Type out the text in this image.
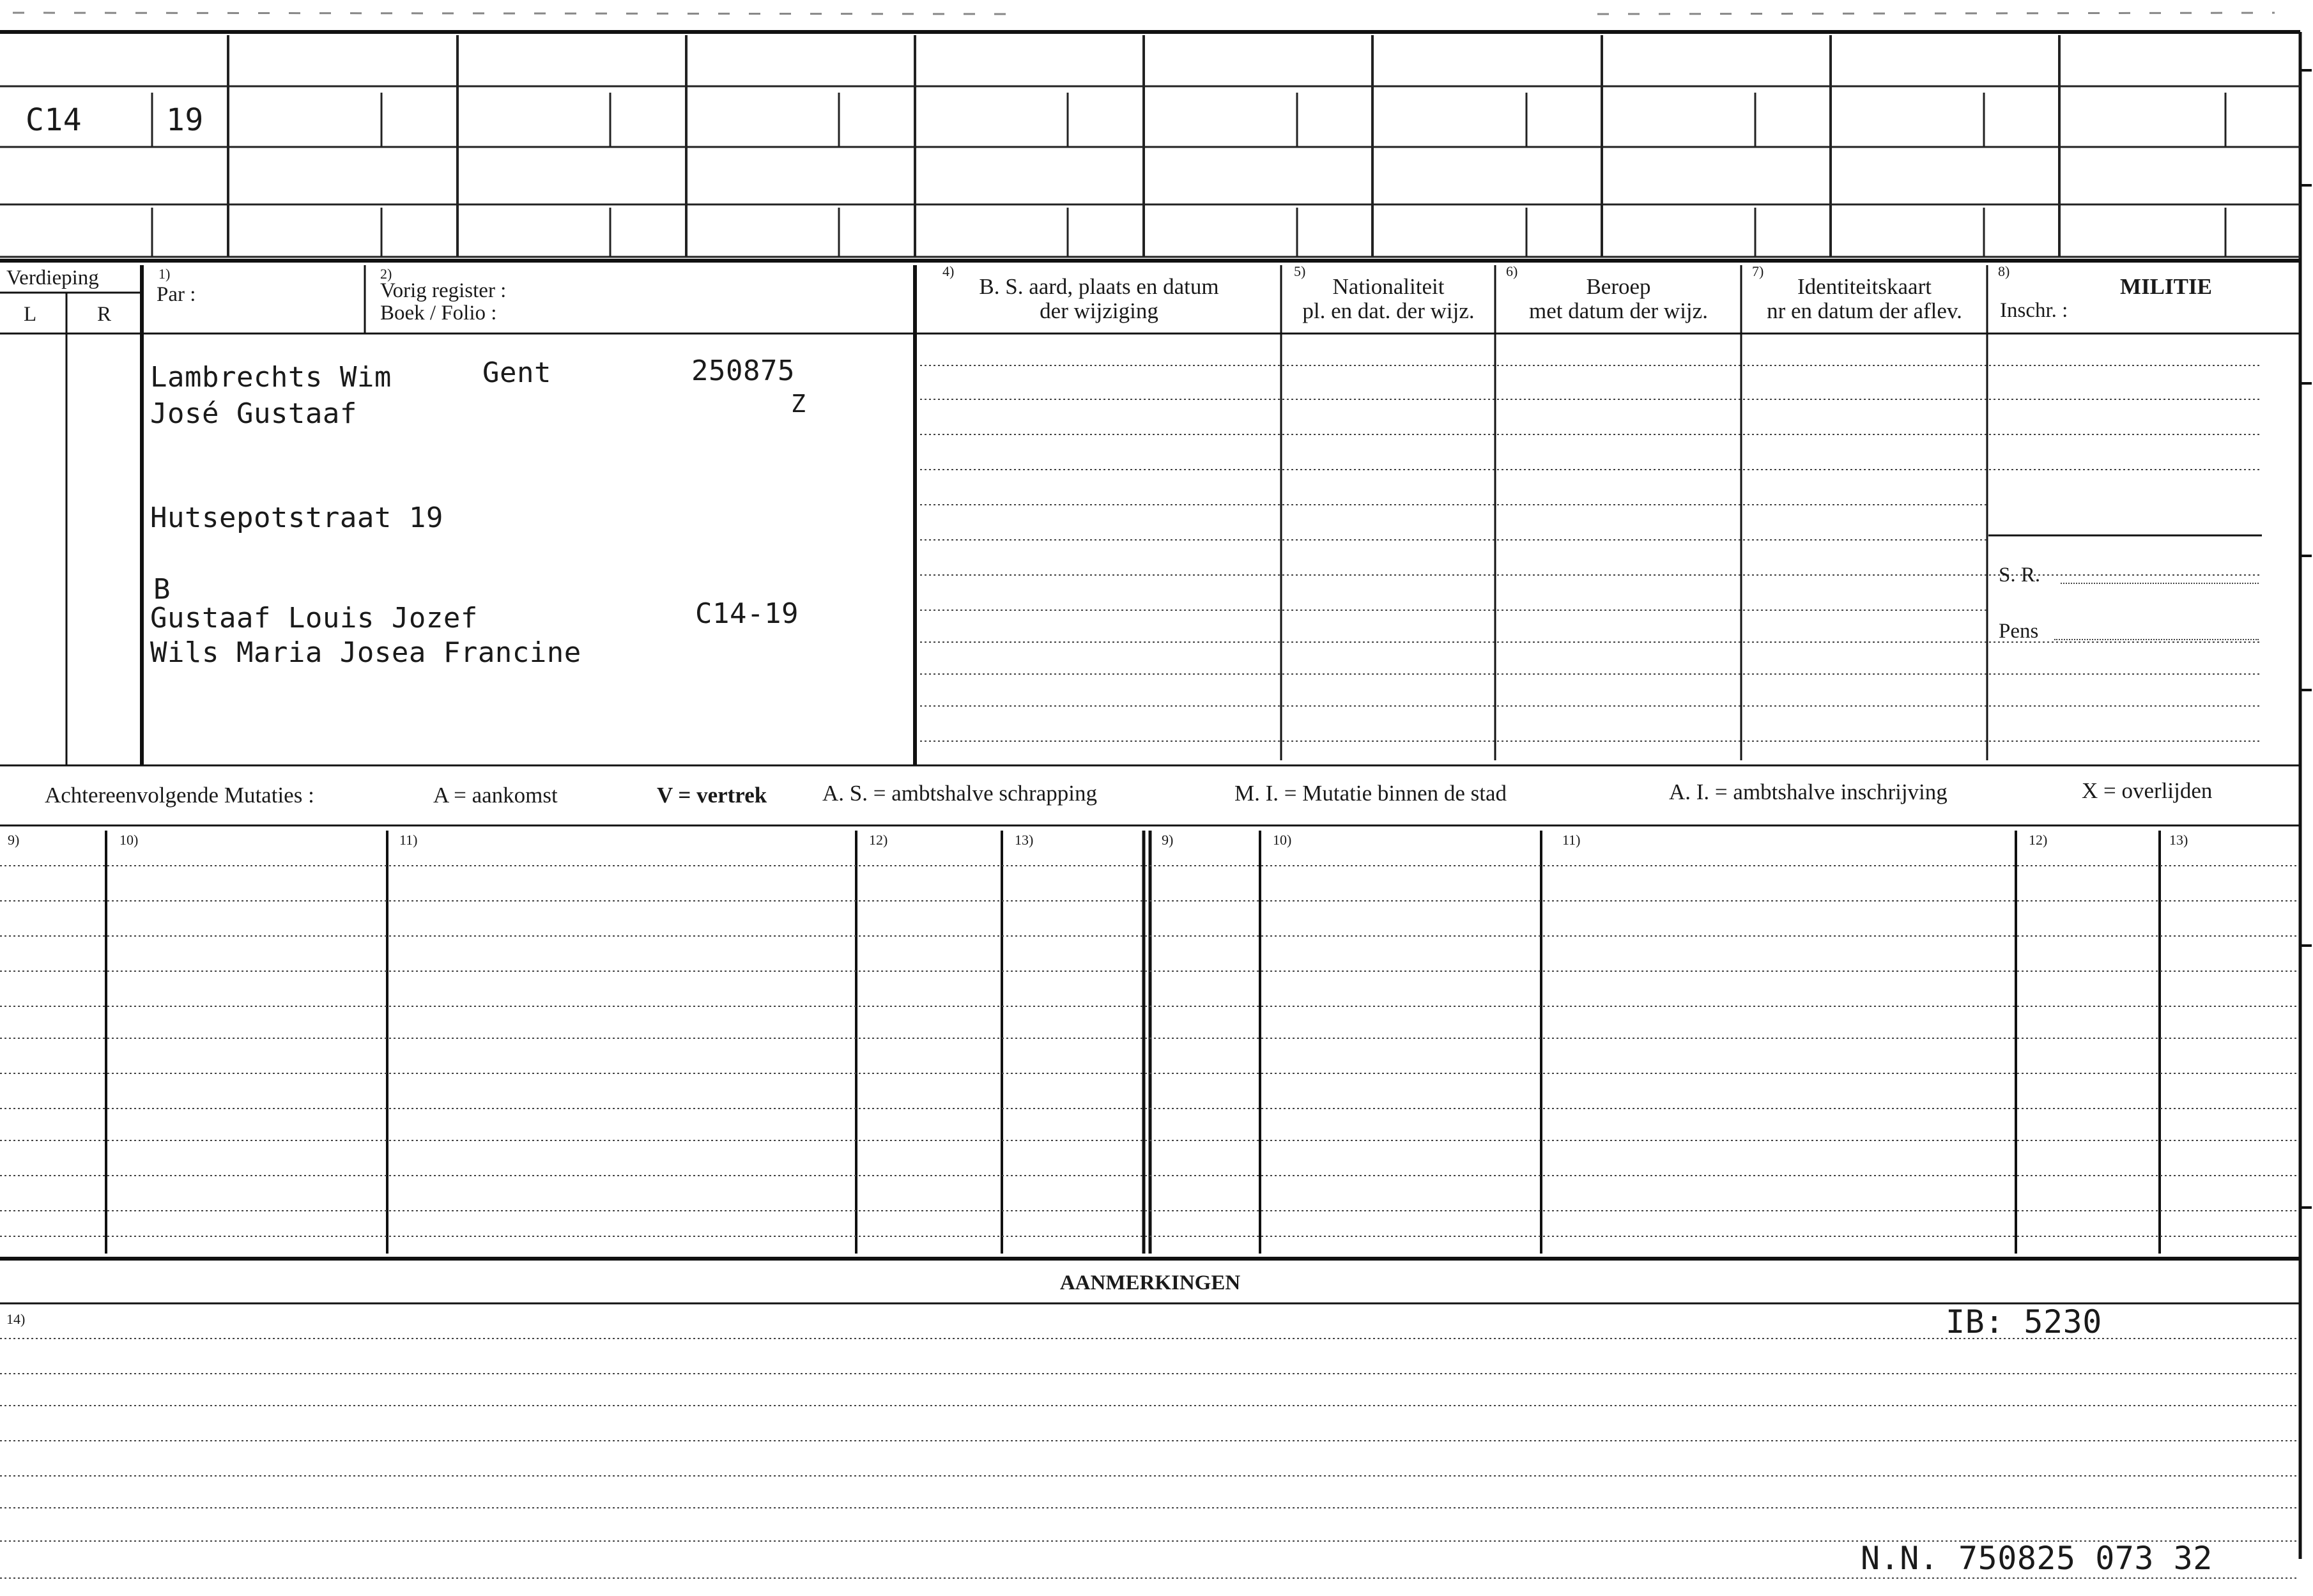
C14	19
Verdieping
L	R
1)
Par :
2)
Vorig register :
Boek / Folio :
4)
B. S. aard, plaats en datum
der wijziging
5)
Nationaliteit
pl. en dat. der wijz.
6)
Beroep
met datum der wijz.
7)
Identiteitskaart
nr en datum der aflev.
8)
MILITIE
Inschr. :
Lambrechts Wim	Gent	250875
Z
José Gustaaf
Hutsepotstraat 19
B
Gustaaf Louis Jozef	C14-19
Wils Maria Josea Francine
S. R.
Pens
Achtereenvolgende Mutaties :	A = aankomst	V = vertrek A. S. = ambtshalve schrapping	M. I. = Mutatie binnen de stad	A. I. = ambtshalve inschrijving	X = overlijden
9)	10)	11)	12)	13)	9)	10)	11)	12)	13)
AANMERKINGEN
14)	IB: 5230
N.N. 750825 073 32
